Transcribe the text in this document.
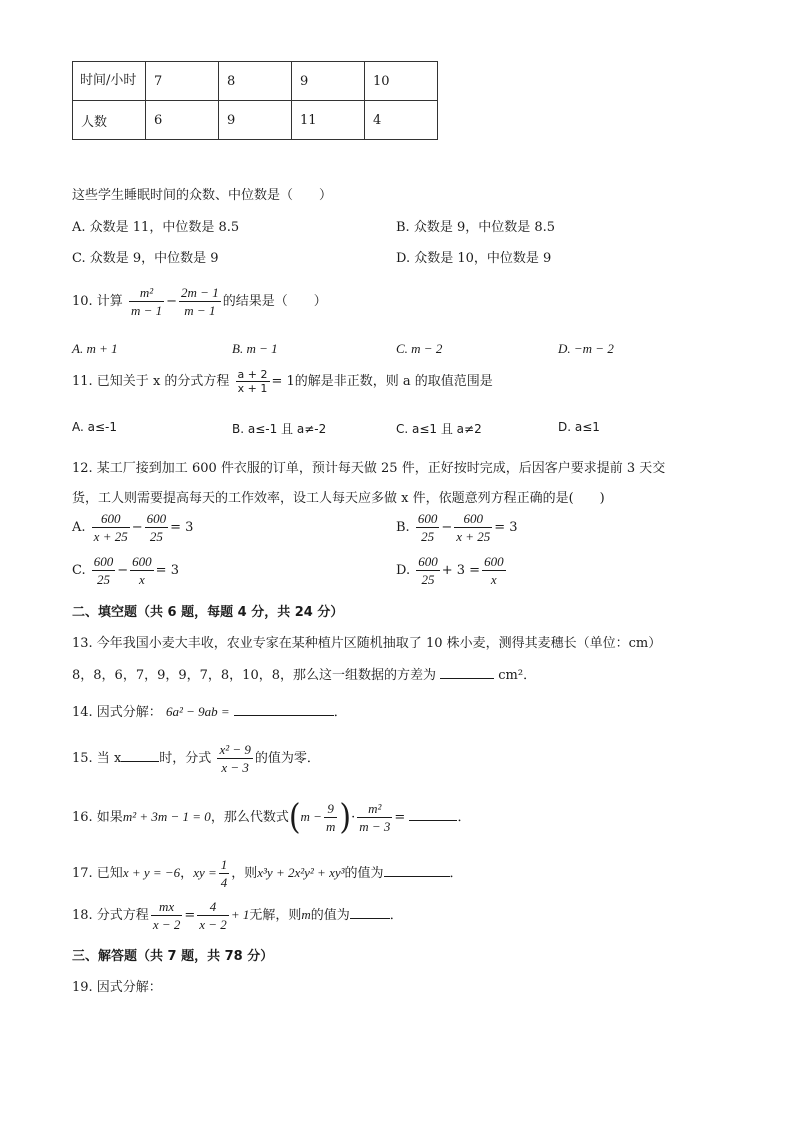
时间/小时	7	8	9	10
人数	6	9	11	4
这些学生睡眠时间的众数、中位数是（　　）
A. 众数是 11，中位数是 8.5	B. 众数是 9，中位数是 8.5
C. 众数是 9，中位数是 9	D. 众数是 10，中位数是 9
10. 计算 $\frac{\text{m²}}{m - 1} - \frac{2m - 1}{m - 1}$ 的结果是（　　）
A. m + 1	B. m − 1	C. m − 2	D. −m − 2
11. 已知关于 x 的分式方程 $\frac{a + 2}{x + 1} = 1$的解是非正数，则 a 的取值范围是
A. a≤-1	B. a≤-1 且 a≠-2	C. a≤1 且 a≠2	D. a≤1
12. 某工厂接到加工 600 件衣服的订单，预计每天做 25 件，正好按时完成，后因客户要求提前 3 天交
货，工人则需要提高每天的工作效率，设工人每天应多做 x 件，依题意列方程正确的是(　　)
A. $\frac{600}{x + 25} - \frac{600}{25} = 3$	B. $\frac{600}{25} - \frac{600}{x + 25} = 3$
C. $\frac{600}{25} - \frac{600}{x} = 3$	D. $\frac{600}{25} + 3 = \frac{600}{x}$
二、填空题（共 6 题，每题 4 分，共 24 分）
13. 今年我国小麦大丰收，农业专家在某种植片区随机抽取了 10 株小麦，测得其麦穗长（单位：cm）
8，8，6，7，9，9，7，8，10，8，那么这一组数据的方差为	cm²．
14. 因式分解： 6a² − 9ab =	．
15. 当 x	时，分式 $\frac{\text{x² − 9}}{x - 3}$ 的值为零．
16. 如果m² + 3m − 1 = 0，那么代数式($m - \frac{9}{m}$ )· $\frac{\text{m²}}{m - 3}$ =	．
17. 已知x + y = −6，xy = $\frac{1}{4}$ ，则x³y + 2x²y² + xy³的值为	．
18. 分式方程 $\frac{mx}{x - 2} = \frac{4}{x - 2} + 1$无解，则m的值为	．
三、解答题（共 7 题，共 78 分）
19. 因式分解：
